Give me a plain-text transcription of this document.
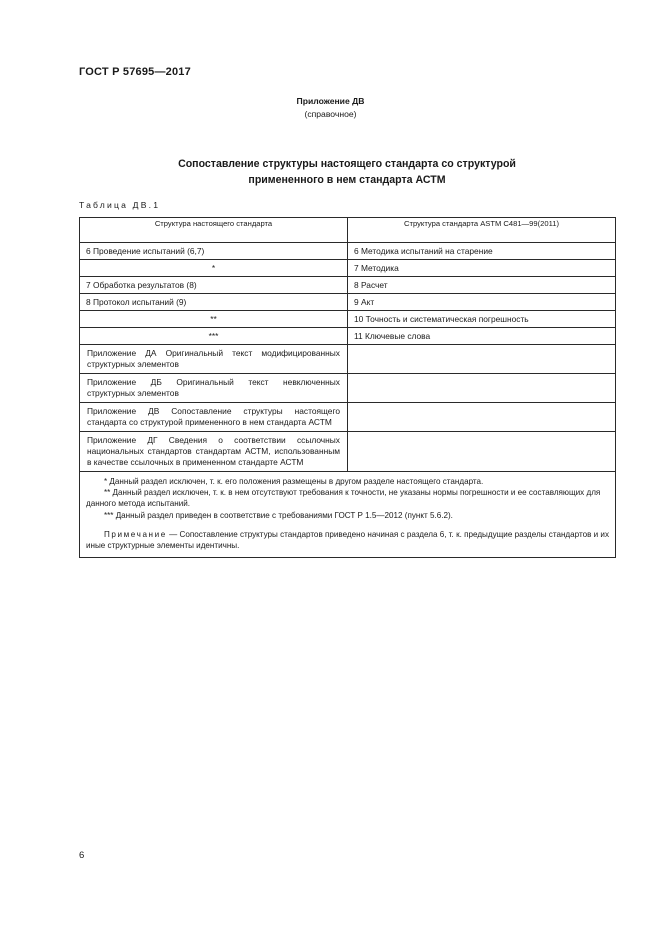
ГОСТ Р 57695—2017
Приложение ДВ
(справочное)
Сопоставление структуры настоящего стандарта со структурой
примененного в нем стандарта АСТМ
Таблица ДВ.1
Структура настоящего стандарта	Структура стандарта ASTM C481—99(2011)
6 Проведение испытаний (6,7)	6 Методика испытаний на старение
*	7 Методика
7 Обработка результатов (8)	8 Расчет
8 Протокол испытаний (9)	9 Акт
**	10 Точность и систематическая погрешность
***	11 Ключевые слова
Приложение ДА Оригинальный текст модифицированных структурных элементов	
Приложение ДБ Оригинальный текст невключенных структурных элементов	
Приложение ДВ Сопоставление структуры настоящего стандарта со структурой примененного в нем стандарта АСТМ	
Приложение ДГ Сведения о соответствии ссылочных национальных стандартов стандартам АСТМ, использованным в качестве ссылочных в примененном стандарте АСТМ	

* Данный раздел исключен, т. к. его положения размещены в другом разделе настоящего стандарта.
** Данный раздел исключен, т. к. в нем отсутствуют требования к точности, не указаны нормы погрешности и ее составляющих для данного метода испытаний.
*** Данный раздел приведен в соответствие с требованиями ГОСТ Р 1.5—2012 (пункт 5.6.2).
Примечание — Сопоставление структуры стандартов приведено начиная с раздела 6, т. к. предыдущие разделы стандартов и их иные структурные элементы идентичны.	
6
